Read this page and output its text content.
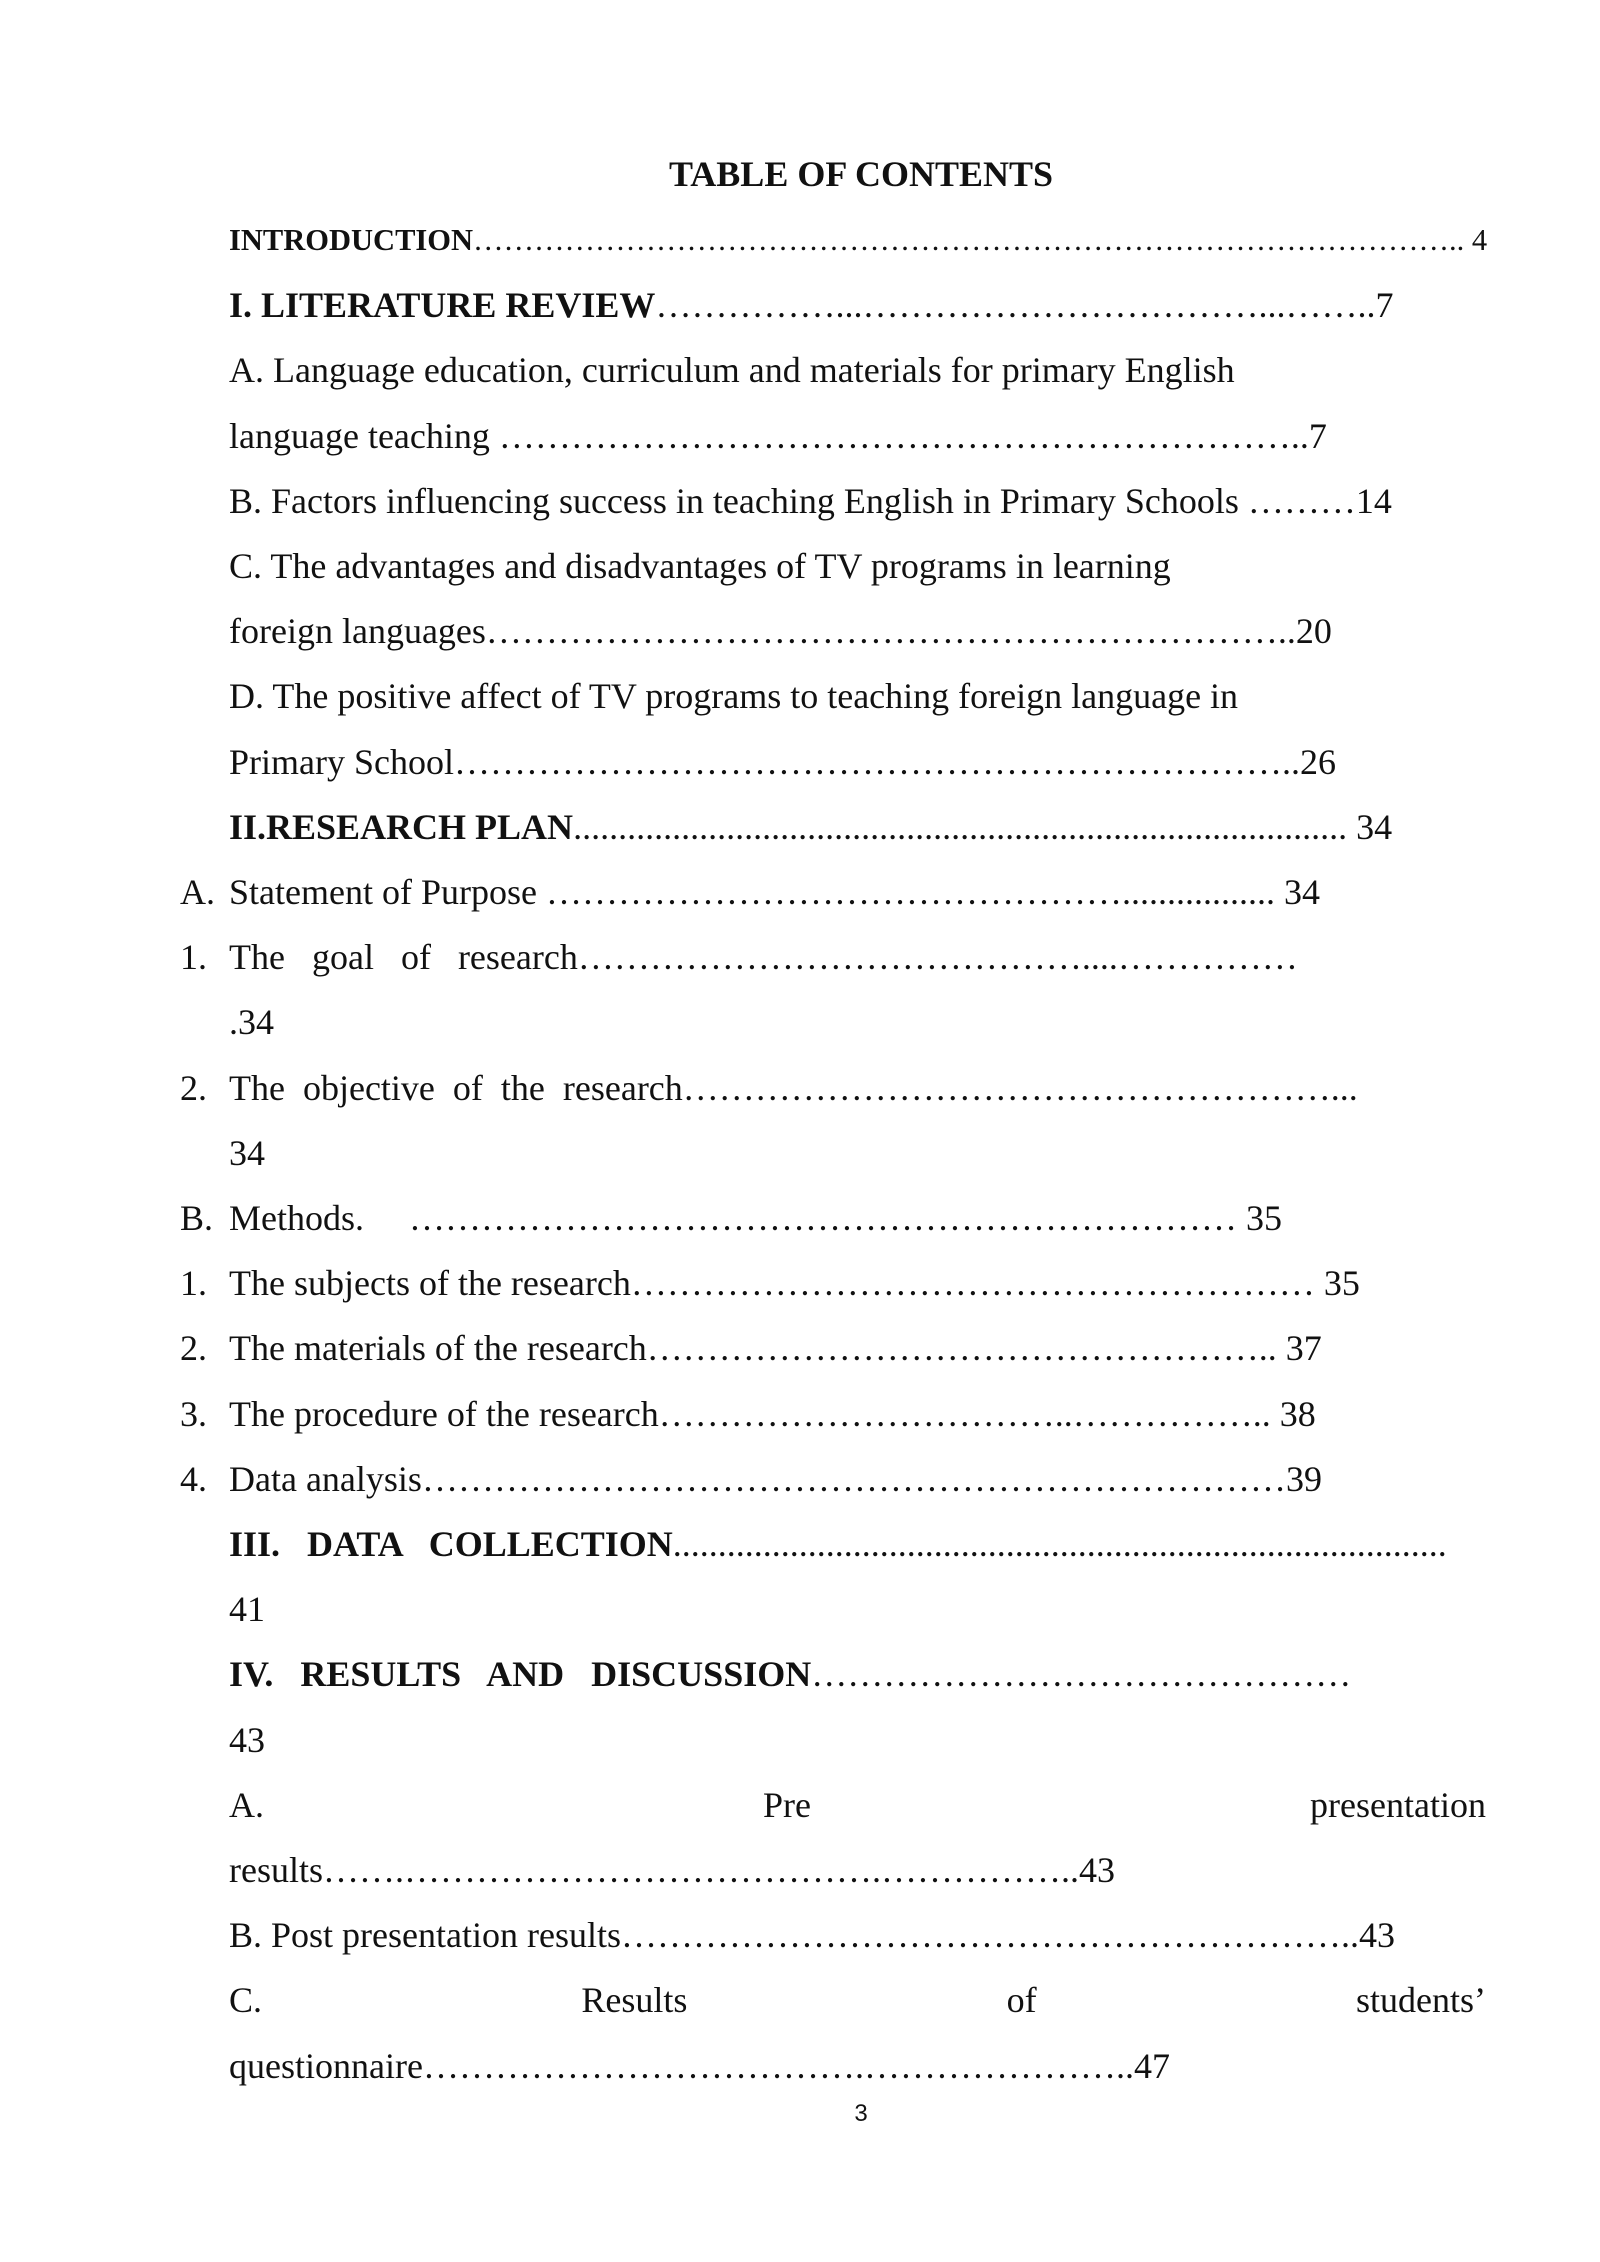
TABLE OF CONTENTS
INTRODUCTION…………………………………………………………………………………….. 4
I. LITERATURE REVIEW……………...……………………………...……..7
A. Language education, curriculum and materials for primary English
language teaching …………………………………………………………..7
B. Factors influencing success in teaching English in Primary Schools ………14
C. The advantages and disadvantages of TV programs in learning
foreign languages…………………………………………………………..20
D. The positive affect of TV programs to teaching foreign language in
Primary School……………………………………………………………..26
II.RESEARCH PLAN...................................................................................... 34
A. Statement of Purpose …………………………………………................. 34
1. The   goal   of   research……………………………………....……………
.34
2. The  objective  of  the  research………………………………………………...
34
B. Methods.     …………………………………………………………… 35
1. The subjects of the research………………………………………………… 35
2. The materials of the research…………………………………………….. 37
3. The procedure of the research……………………………..…………….. 38
4. Data analysis………………………………………………………………39
III.   DATA   COLLECTION......................................................................................
41
IV.   RESULTS   AND   DISCUSSION………………………………………
43
A.	Pre	presentation
results…….………………………………….……………..43
B. Post presentation results……………………………………………………..43
C.	Results	of	students’
questionnaire……………………………….…………………..47
3
